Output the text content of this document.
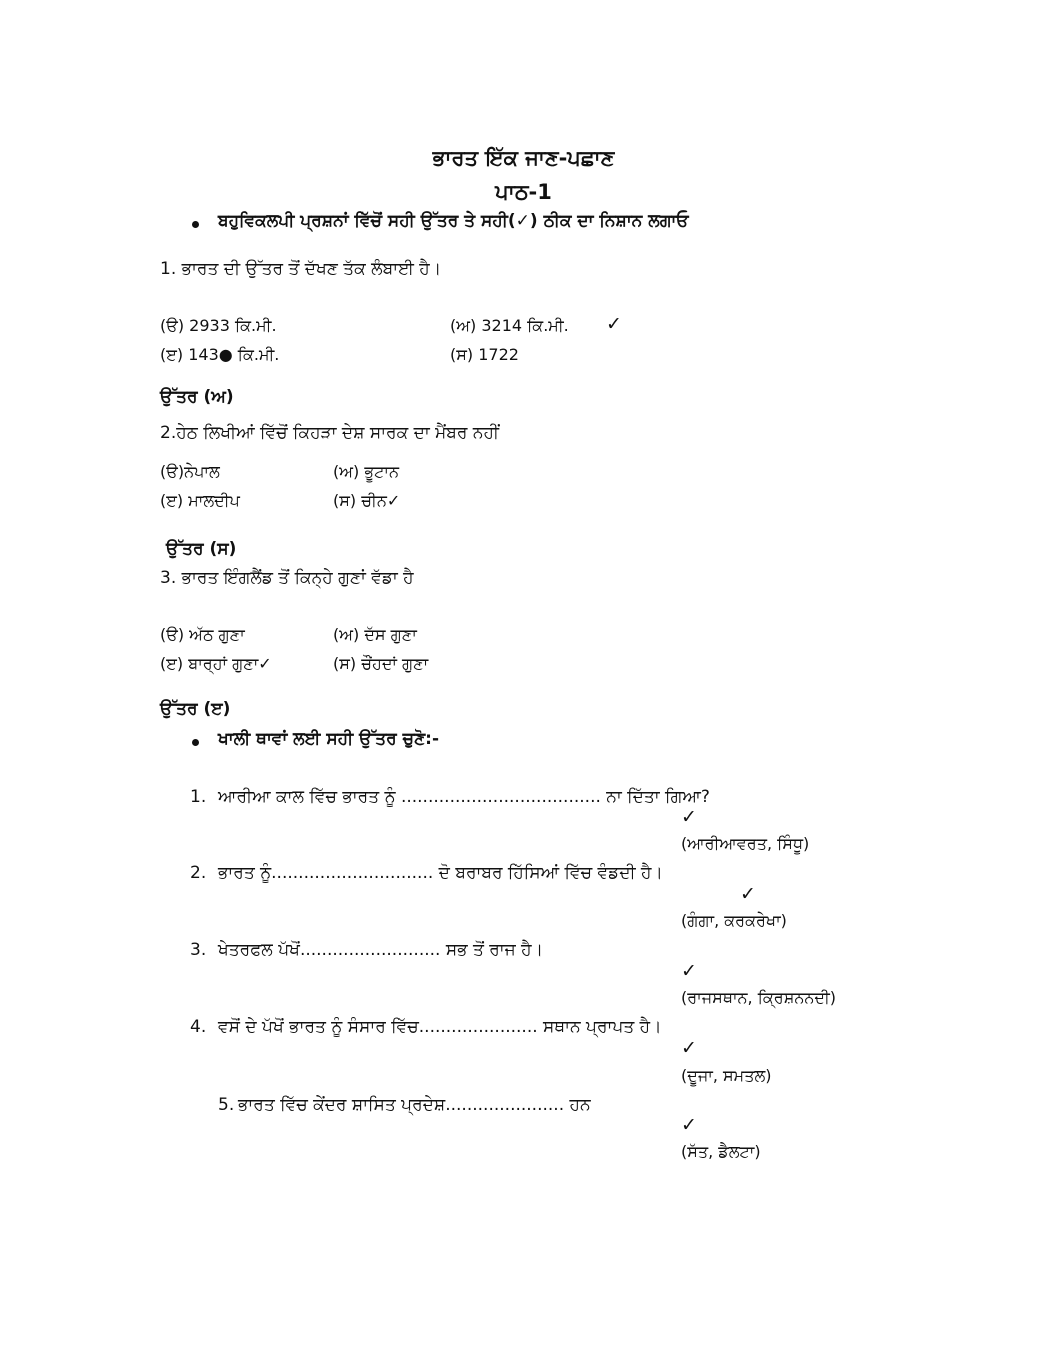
ਭਾਰਤ ਇੱਕ ਜਾਣ-ਪਛਾਣ
ਪਾਠ-1
ਬਹੁਵਿਕਲਪੀ ਪ੍ਰਸ਼ਨਾਂ ਵਿੱਚੋਂ ਸਹੀ ਉੱਤਰ ਤੇ ਸਹੀ(✓) ਠੀਕ ਦਾ ਨਿਸ਼ਾਨ ਲਗਾਓ
1. ਭਾਰਤ ਦੀ ਉੱਤਰ ਤੋਂ ਦੱਖਣ ਤੱਕ ਲੰਬਾਈ ਹੈ।
(ੳ) 2933 ਕਿ.ਮੀ.	(ਅ) 3214 ਕਿ.ਮੀ. ✓
(ੲ) 143● ਕਿ.ਮੀ.	(ਸ) 1722
ਉੱਤਰ (ਅ)
2.ਹੇਠ ਲਿਖੀਆਂ ਵਿੱਚੋਂ ਕਿਹੜਾ ਦੇਸ਼ ਸਾਰਕ ਦਾ ਮੈਂਬਰ ਨਹੀਂ
(ੳ)ਨੇਪਾਲ	(ਅ) ਭੂਟਾਨ
(ੲ) ਮਾਲਦੀਪ	(ਸ) ਚੀਨ✓
ਉੱਤਰ (ਸ)
3. ਭਾਰਤ ਇੰਗਲੈਂਡ ਤੋਂ ਕਿਨ੍ਹੇ ਗੁਣਾਂ ਵੱਡਾ ਹੈ
(ੳ) ਅੱਠ ਗੁਣਾ	(ਅ) ਦੱਸ ਗੁਣਾ
(ੲ) ਬਾਰ੍ਹਾਂ ਗੁਣਾ✓	(ਸ) ਚੌਂਹਦਾਂ ਗੁਣਾ
ਉੱਤਰ (ੲ)
ਖਾਲੀ ਥਾਵਾਂ ਲਈ ਸਹੀ ਉੱਤਰ ਚੁਣੋ:-
1. ਆਰੀਆ ਕਾਲ ਵਿੱਚ ਭਾਰਤ ਨੂੰ ..................................... ਨਾ ਦਿੱਤਾ ਗਿਆ?
✓
(ਆਰੀਆਵਰਤ, ਸਿੰਧੂ)
2. ਭਾਰਤ ਨੂੰ.............................. ਦੋ ਬਰਾਬਰ ਹਿੱਸਿਆਂ ਵਿੱਚ ਵੰਡਦੀ ਹੈ।
✓
(ਗੰਗਾ, ਕਰਕਰੇਖਾ)
3. ਖੇਤਰਫਲ ਪੱਖੋਂ.......................... ਸਭ ਤੋਂ ਰਾਜ ਹੈ।
✓
(ਰਾਜਸਥਾਨ, ਕ੍ਰਿਸ਼ਨਨਦੀ)
4. ਵਸੋਂ ਦੇ ਪੱਖੋਂ ਭਾਰਤ ਨੂੰ ਸੰਸਾਰ ਵਿੱਚ...................... ਸਥਾਨ ਪ੍ਰਾਪਤ ਹੈ।
✓
(ਦੂਜਾ, ਸਮਤਲ)
5. ਭਾਰਤ ਵਿੱਚ ਕੇਂਦਰ ਸ਼ਾਸਿਤ ਪ੍ਰਦੇਸ਼...................... ਹਨ
✓
(ਸੱਤ, ਡੈਲਟਾ)
